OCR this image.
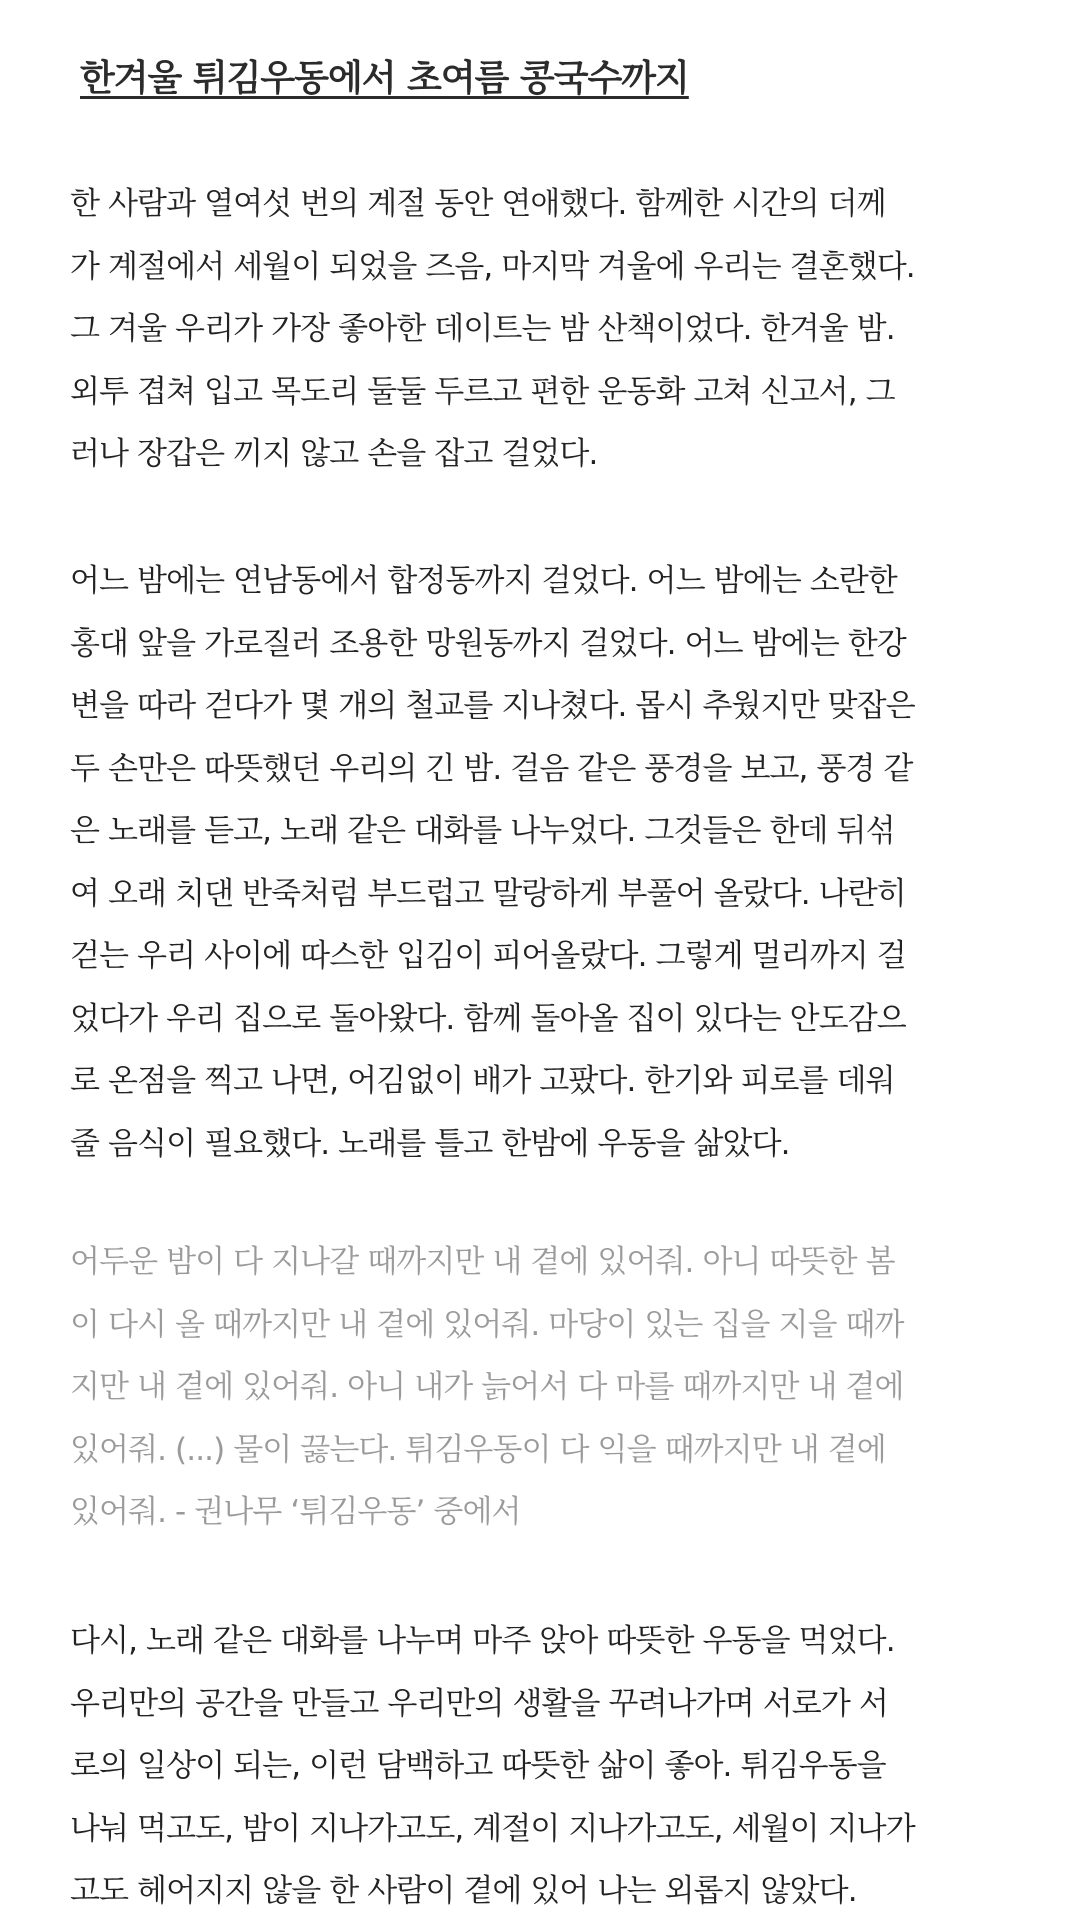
한겨울 튀김우동에서 초여름 콩국수까지

한 사람과 열여섯 번의 계절 동안 연애했다. 함께한 시간의 더께
가 계절에서 세월이 되었을 즈음, 마지막 겨울에 우리는 결혼했다.
그 겨울 우리가 가장 좋아한 데이트는 밤 산책이었다. 한겨울 밤.
외투 겹쳐 입고 목도리 둘둘 두르고 편한 운동화 고쳐 신고서, 그
러나 장갑은 끼지 않고 손을 잡고 걸었다.

어느 밤에는 연남동에서 합정동까지 걸었다. 어느 밤에는 소란한
홍대 앞을 가로질러 조용한 망원동까지 걸었다. 어느 밤에는 한강
변을 따라 걷다가 몇 개의 철교를 지나쳤다. 몹시 추웠지만 맞잡은
두 손만은 따뜻했던 우리의 긴 밤. 걸음 같은 풍경을 보고, 풍경 같
은 노래를 듣고, 노래 같은 대화를 나누었다. 그것들은 한데 뒤섞
여 오래 치댄 반죽처럼 부드럽고 말랑하게 부풀어 올랐다. 나란히
걷는 우리 사이에 따스한 입김이 피어올랐다. 그렇게 멀리까지 걸
었다가 우리 집으로 돌아왔다. 함께 돌아올 집이 있다는 안도감으
로 온점을 찍고 나면, 어김없이 배가 고팠다. 한기와 피로를 데워
줄 음식이 필요했다. 노래를 틀고 한밤에 우동을 삶았다.

어두운 밤이 다 지나갈 때까지만 내 곁에 있어줘. 아니 따뜻한 봄
이 다시 올 때까지만 내 곁에 있어줘. 마당이 있는 집을 지을 때까
지만 내 곁에 있어줘. 아니 내가 늙어서 다 마를 때까지만 내 곁에
있어줘. (...) 물이 끓는다. 튀김우동이 다 익을 때까지만 내 곁에
있어줘. - 권나무 ‘튀김우동’ 중에서

다시, 노래 같은 대화를 나누며 마주 앉아 따뜻한 우동을 먹었다.
우리만의 공간을 만들고 우리만의 생활을 꾸려나가며 서로가 서
로의 일상이 되는, 이런 담백하고 따뜻한 삶이 좋아. 튀김우동을
나눠 먹고도, 밤이 지나가고도, 계절이 지나가고도, 세월이 지나가
고도 헤어지지 않을 한 사람이 곁에 있어 나는 외롭지 않았다.
